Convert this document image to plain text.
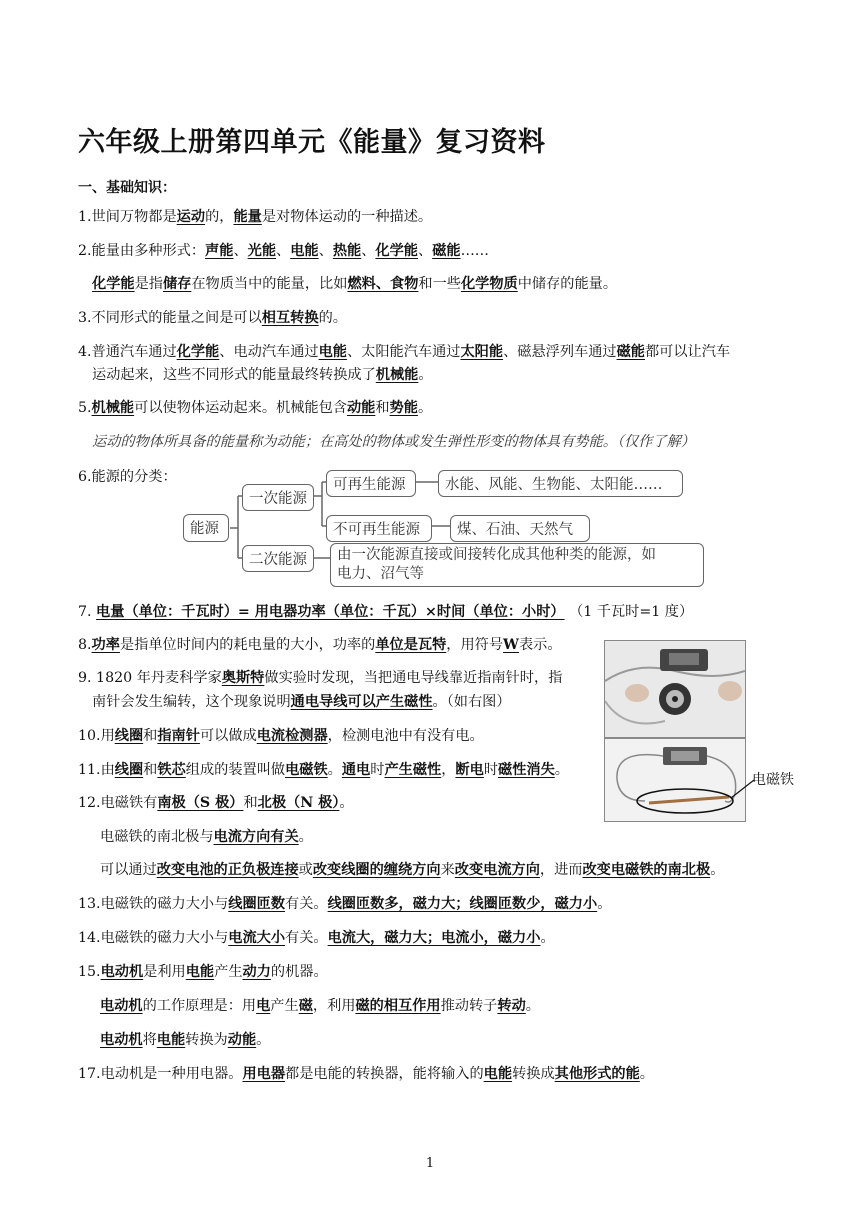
六年级上册第四单元《能量》复习资料
一、基础知识：
1.世间万物都是运动的，能量是对物体运动的一种描述。
2.能量由多种形式：声能、光能、电能、热能、化学能、磁能……
化学能是指储存在物质当中的能量，比如燃料、食物和一些化学物质中储存的能量。
3.不同形式的能量之间是可以相互转换的。
4.普通汽车通过化学能、电动汽车通过电能、太阳能汽车通过太阳能、磁悬浮列车通过磁能都可以让汽车
运动起来，这些不同形式的能量最终转换成了机械能。
5.机械能可以使物体运动起来。机械能包含动能和势能。
运动的物体所具备的能量称为动能；在高处的物体或发生弹性形变的物体具有势能。（仅作了解）
6.能源的分类：
能源
一次能源
二次能源
可再生能源
不可再生能源
水能、风能、生物能、太阳能……
煤、石油、天然气
由一次能源直接或间接转化成其他种类的能源，如
电力、沼气等
7. 电量（单位：千瓦时）= 用电器功率（单位：千瓦）×时间（单位：小时） （1 千瓦时=1 度）
8.功率是指单位时间内的耗电量的大小，功率的单位是瓦特，用符号W表示。
9. 1820 年丹麦科学家奥斯特做实验时发现，当把通电导线靠近指南针时，指
南针会发生编转，这个现象说明通电导线可以产生磁性。（如右图）
10.用线圈和指南针可以做成电流检测器，检测电池中有没有电。
11.由线圈和铁芯组成的装置叫做电磁铁。通电时产生磁性，断电时磁性消失。
12.电磁铁有南极（S 极）和北极（N 极）。
电磁铁的南北极与电流方向有关。
可以通过改变电池的正负极连接或改变线圈的缠绕方向来改变电流方向，进而改变电磁铁的南北极。
13.电磁铁的磁力大小与线圈匝数有关。线圈匝数多，磁力大；线圈匝数少，磁力小。
14.电磁铁的磁力大小与电流大小有关。电流大，磁力大；电流小，磁力小。
15.电动机是利用电能产生动力的机器。
电动机的工作原理是：用电产生磁，利用磁的相互作用推动转子转动。
电动机将电能转换为动能。
17.电动机是一种用电器。用电器都是电能的转换器，能将输入的电能转换成其他形式的能。
电磁铁
1
